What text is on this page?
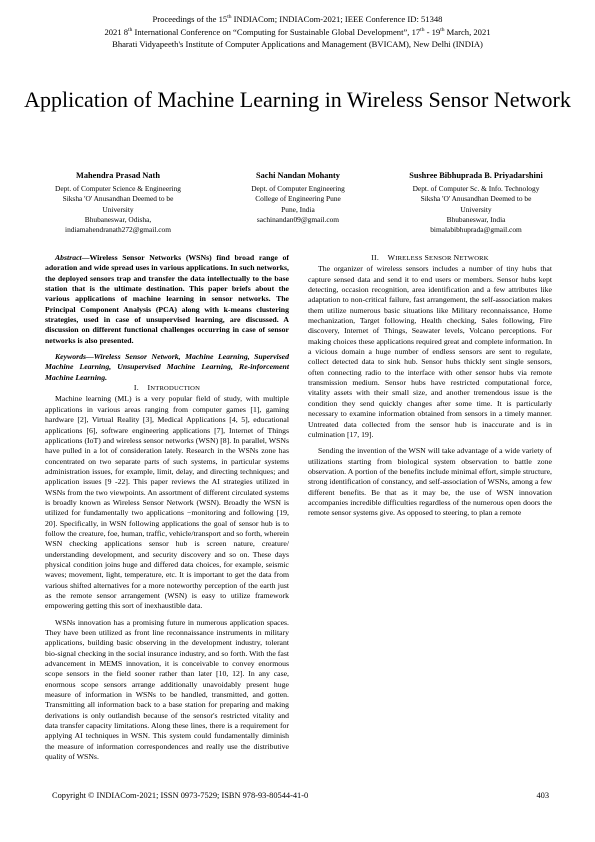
Proceedings of the 15th INDIACom; INDIACom-2021; IEEE Conference ID: 51348
2021 8th International Conference on “Computing for Sustainable Global Development”, 17th - 19th March, 2021
Bharati Vidyapeeth's Institute of Computer Applications and Management (BVICAM), New Delhi (INDIA)
Application of Machine Learning in Wireless Sensor Network
Mahendra Prasad Nath
Dept. of Computer Science & Engineering
Siksha 'O' Anusandhan Deemed to be
University
Bhubaneswar, Odisha,
indiamahendranath272@gmail.com
Sachi Nandan Mohanty
Dept. of Computer Engineering
College of Engineering Pune
Pune, India
sachinandan09@gmail.com
Sushree Bibhuprada B. Priyadarshini
Dept. of Computer Sc. & Info. Technology
Siksha 'O' Anusandhan Deemed to be
University
Bhubaneswar, India
bimalabibhuprada@gmail.com

Abstract—Wireless Sensor Networks (WSNs) find broad range of adoration and wide spread uses in various applications. In such networks, the deployed sensors trap and transfer the data intellectually to the base station that is the ultimate destination. This paper briefs about the various applications of machine learning in sensor networks. The Principal Component Analysis (PCA) along with k-means clustering strategies, used in case of unsupervised learning, are discussed. A discussion on different functional challenges occurring in case of sensor networks is also presented.

Keywords—Wireless Sensor Network, Machine Learning, Supervised Machine Learning, Unsupervised Machine Learning, Re-inforcement Machine Learning.

I. INTRODUCTION

Machine learning (ML) is a very popular field of study, with multiple applications in various areas ranging from computer games [1], gaming hardware [2], Virtual Reality [3], Medical Applications [4, 5], educational applications [6], software engineering applications [7], Internet of Things applications (IoT) and wireless sensor networks (WSN) [8]. In parallel, WSNs have pulled in a lot of consideration lately. Research in the WSNs zone has concentrated on two separate parts of such systems, in particular systems administration issues, for example, limit, delay, and directing techniques; and application issues [9 -22]. This paper reviews the AI strategies utilized in WSNs from the two viewpoints. An assortment of different circulated systems is broadly known as Wireless Sensor Network (WSN). Broadly the WSN is utilized for fundamentally two applications −monitoring and following [19, 20]. Specifically, in WSN following applications the goal of sensor hub is to follow the creature, foe, human, traffic, vehicle/transport and so forth, wherein WSN checking applications sensor hub is screen nature, creature/ understanding development, and security discovery and so on. These days physical condition joins huge and differed data choices, for example, seismic waves; movement, light, temperature, etc. It is important to get the data from various shifted alternatives for a more noteworthy perception of the earth just as the remote sensor arrangement (WSN) is easy to utilize framework empowering getting this sort of inexhaustible data.

WSNs innovation has a promising future in numerous application spaces. They have been utilized as front line reconnaissance instruments in military applications, building basic observing in the development industry, tolerant bio-signal checking in the social insurance industry, and so forth. With the fast advancement in MEMS innovation, it is conceivable to convey enormous scope sensors in the field sooner rather than later [10, 12]. In any case, enormous scope sensors arrange additionally unavoidably present huge measure of information in WSNs to be handled, transmitted, and gotten. Transmitting all information back to a base station for preparing and making derivations is only outlandish because of the sensor's restricted vitality and data transfer capacity limitations. Along these lines, there is a requirement for applying AI techniques in WSN. This system could fundamentally diminish the measure of information correspondences and really use the distributive quality of WSNs.

II. WIRELESS SENSOR NETWORK

The organizer of wireless sensors includes a number of tiny hubs that capture sensed data and send it to end users or members. Sensor hubs kept detecting, occasion recognition, area identification and a few attributes like adaptation to non-critical failure, fast arrangement, the self-association makes them utilize numerous basic situations like Military reconnaissance, Home mechanization, Target following, Health checking, Sales following, Fire discovery, Internet of Things, Seawater levels, Volcano perceptions. For making choices these applications required great and complete information. In a vicious domain a huge number of endless sensors are sent to regulate, collect detected data to sink hub. Sensor hubs thickly sent single sensors, often connecting radio to the interface with other sensor hubs via remote transmission medium. Sensor hubs have restricted computational force, vitality assets with their small size, and another tremendous issue is the condition they send quickly changes after some time. It is particularly necessary to examine information obtained from sensors in a timely manner. Untreated data collected from the sensor hub is inaccurate and is in culmination [17, 19].

Sending the invention of the WSN will take advantage of a wide variety of utilizations starting from biological system observation to battle zone observation. A portion of the benefits include minimal effort, simple structure, strong identification of constancy, and self-association of WSNs, among a few different benefits. Be that as it may be, the use of WSN innovation accompanies incredible difficulties regardless of the numerous open doors the remote sensor systems give. As opposed to steering, to plan a remote

Copyright © INDIACom-2021; ISSN 0973-7529; ISBN 978-93-80544-41-0	403
